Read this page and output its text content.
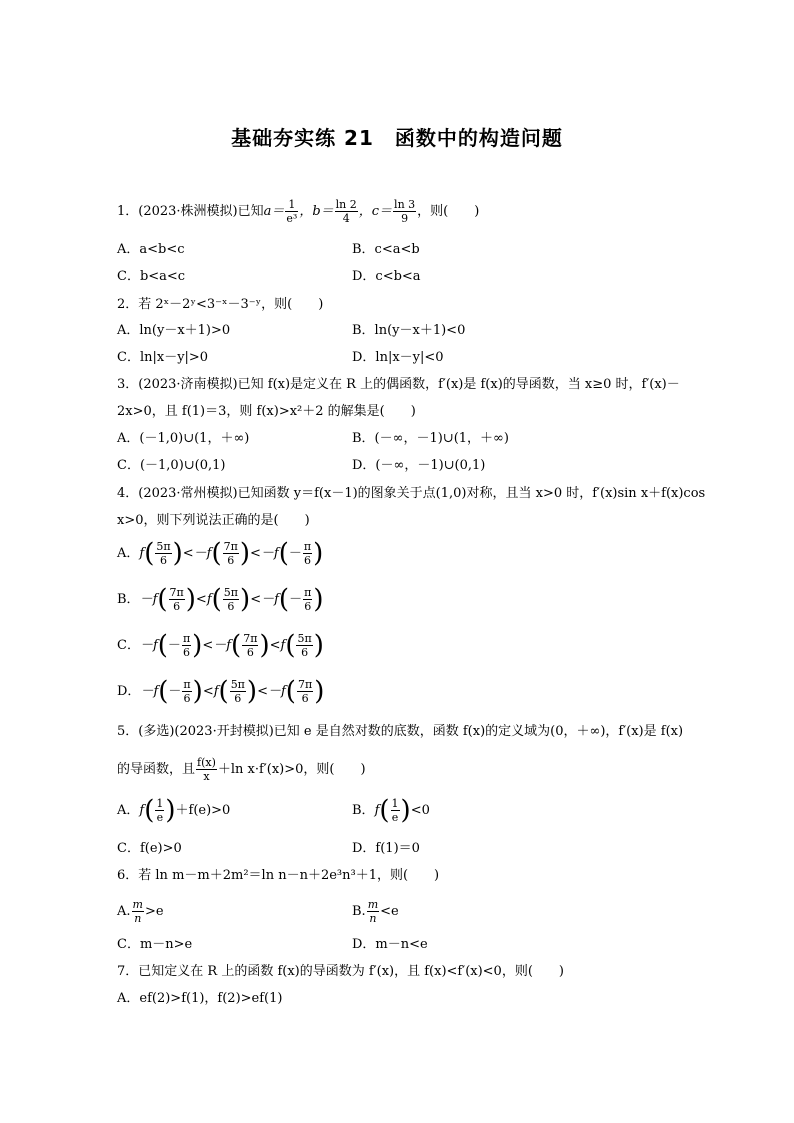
基础夯实练 21　函数中的构造问题
1．(2023·株洲模拟)已知$a= \frac{1}{\text{e³}}$ ，$b= \frac{\ln 2}{4}$ ，$c= \frac{\ln 3}{9}$ ，则(　　)
A．a<b<c	B．c<a<b
C．b<a<c	D．c<b<a
2．若 2ˣ－2ʸ<3⁻ˣ－3⁻ʸ，则(　　)
A．ln(y－x＋1)>0	B．ln(y－x＋1)<0
C．ln|x－y|>0	D．ln|x－y|<0
3．(2023·济南模拟)已知 f(x)是定义在 R 上的偶函数，f′(x)是 f(x)的导函数，当 x≥0 时，f′(x)－
2x>0，且 f(1)＝3，则 f(x)>x²＋2 的解集是(　　)
A．(－1,0)∪(1，＋∞)	B．(－∞，－1)∪(1，＋∞)
C．(－1,0)∪(0,1)	D．(－∞，－1)∪(0,1)
4．(2023·常州模拟)已知函数 y＝f(x－1)的图象关于点(1,0)对称，且当 x>0 时，f′(x)sin x＋f(x)cos
x>0，则下列说法正确的是(　　)
A．$f( \frac{5\pi}{6} )<-f( \frac{7\pi}{6} )<-f(- \frac{\pi}{6}$ )
B．$-f( \frac{7\pi}{6} )<f( \frac{5\pi}{6} )<-f(- \frac{\pi}{6}$ )
C．$-f(- \frac{\pi}{6} )<-f( \frac{7\pi}{6} )<f( \frac{5\pi}{6}$ )
D．$-f(- \frac{\pi}{6} )<f( \frac{5\pi}{6} )<-f( \frac{7\pi}{6}$ )
5．(多选)(2023·开封模拟)已知 e 是自然对数的底数，函数 f(x)的定义域为(0，＋∞)，f′(x)是 f(x)
的导函数，且 $\frac{f(x)}{x} +\ln$ x·f′(x)>0，则(　　)
A．$f( \frac{1}{e} )+f(e)>0$	B．$f( \frac{1}{e} )<0$
C．f(e)>0	D．f(1)＝0
6．若 ln m－m＋2m²＝ln n－n＋2e³n³＋1，则(　　)
A. $\frac{m}{n} >e$	B. $\frac{m}{n} <e$
C．m－n>e	D．m－n<e
7．已知定义在 R 上的函数 f(x)的导函数为 f′(x)，且 f(x)<f′(x)<0，则(　　)
A．ef(2)>f(1)，f(2)>ef(1)
